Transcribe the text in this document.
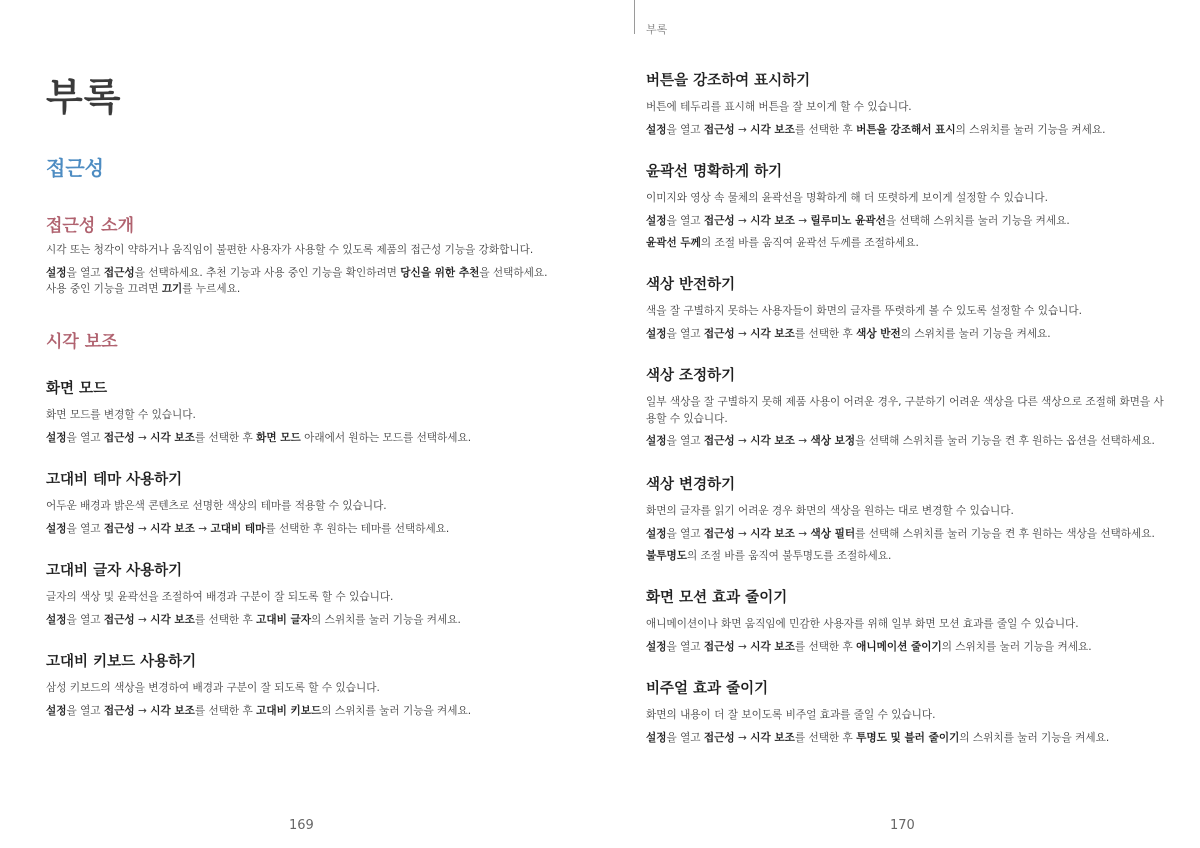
부록
접근성
접근성 소개

시각 또는 청각이 약하거나 움직임이 불편한 사용자가 사용할 수 있도록 제품의 접근성 기능을 강화합니다.

설정을 열고 접근성을 선택하세요. 추천 기능과 사용 중인 기능을 확인하려면 당신을 위한 추천을 선택하세요.

사용 중인 기능을 끄려면 끄기를 누르세요.

시각 보조
화면 모드

화면 모드를 변경할 수 있습니다.

설정을 열고 접근성 → 시각 보조를 선택한 후 화면 모드 아래에서 원하는 모드를 선택하세요.

고대비 테마 사용하기

어두운 배경과 밝은색 콘텐츠로 선명한 색상의 테마를 적용할 수 있습니다.

설정을 열고 접근성 → 시각 보조 → 고대비 테마를 선택한 후 원하는 테마를 선택하세요.

고대비 글자 사용하기

글자의 색상 및 윤곽선을 조절하여 배경과 구분이 잘 되도록 할 수 있습니다.

설정을 열고 접근성 → 시각 보조를 선택한 후 고대비 글자의 스위치를 눌러 기능을 켜세요.

고대비 키보드 사용하기

삼성 키보드의 색상을 변경하여 배경과 구분이 잘 되도록 할 수 있습니다.

설정을 열고 접근성 → 시각 보조를 선택한 후 고대비 키보드의 스위치를 눌러 기능을 켜세요.

169
부록
버튼을 강조하여 표시하기

버튼에 테두리를 표시해 버튼을 잘 보이게 할 수 있습니다.

설정을 열고 접근성 → 시각 보조를 선택한 후 버튼을 강조해서 표시의 스위치를 눌러 기능을 켜세요.

윤곽선 명확하게 하기

이미지와 영상 속 물체의 윤곽선을 명확하게 해 더 또렷하게 보이게 설정할 수 있습니다.

설정을 열고 접근성 → 시각 보조 → 릴루미노 윤곽선을 선택해 스위치를 눌러 기능을 켜세요.

윤곽선 두께의 조절 바를 움직여 윤곽선 두께를 조절하세요.

색상 반전하기

색을 잘 구별하지 못하는 사용자들이 화면의 글자를 뚜렷하게 볼 수 있도록 설정할 수 있습니다.

설정을 열고 접근성 → 시각 보조를 선택한 후 색상 반전의 스위치를 눌러 기능을 켜세요.

색상 조정하기

일부 색상을 잘 구별하지 못해 제품 사용이 어려운 경우, 구분하기 어려운 색상을 다른 색상으로 조절해 화면을 사용할 수 있습니다.

설정을 열고 접근성 → 시각 보조 → 색상 보정을 선택해 스위치를 눌러 기능을 켠 후 원하는 옵션을 선택하세요.

색상 변경하기

화면의 글자를 읽기 어려운 경우 화면의 색상을 원하는 대로 변경할 수 있습니다.

설정을 열고 접근성 → 시각 보조 → 색상 필터를 선택해 스위치를 눌러 기능을 켠 후 원하는 색상을 선택하세요.

불투명도의 조절 바를 움직여 불투명도를 조절하세요.

화면 모션 효과 줄이기

애니메이션이나 화면 움직임에 민감한 사용자를 위해 일부 화면 모션 효과를 줄일 수 있습니다.

설정을 열고 접근성 → 시각 보조를 선택한 후 애니메이션 줄이기의 스위치를 눌러 기능을 켜세요.

비주얼 효과 줄이기

화면의 내용이 더 잘 보이도록 비주얼 효과를 줄일 수 있습니다.

설정을 열고 접근성 → 시각 보조를 선택한 후 투명도 및 블러 줄이기의 스위치를 눌러 기능을 켜세요.

170
